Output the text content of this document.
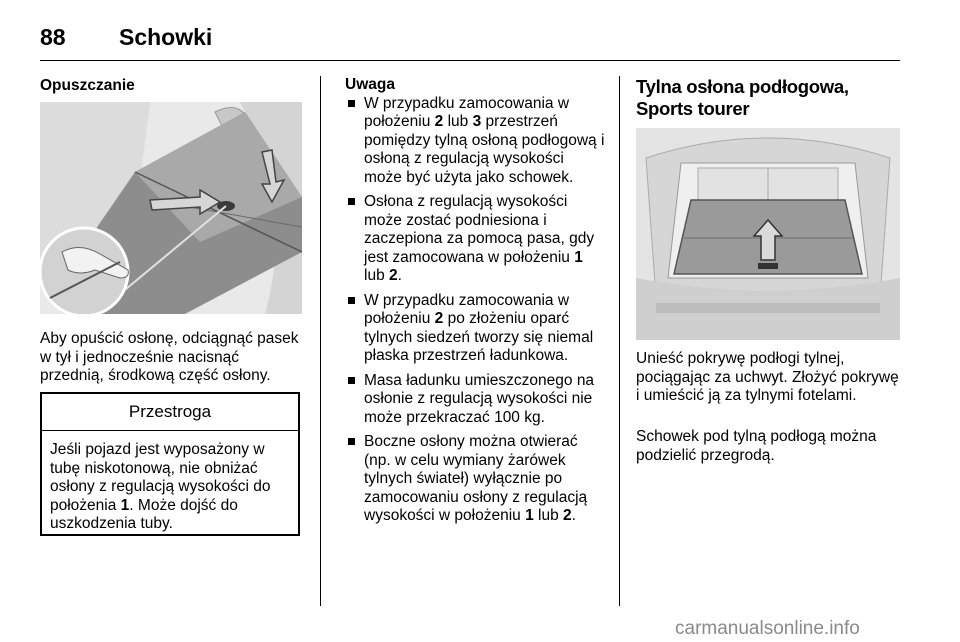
88 Schowki
Opuszczanie
Aby opuścić osłonę, odciągnąć pasek w tył i jednocześnie nacisnąć przednią, środkową część osłony.
Przestroga
Jeśli pojazd jest wyposażony w tubę niskotonową, nie obniżać osłony z regulacją wysokości do położenia 1. Może dojść do uszkodzenia tuby.
Uwaga
W przypadku zamocowania w położeniu 2 lub 3 przestrzeń pomiędzy tylną osłoną podłogową i osłoną z regulacją wysokości może być użyta jako schowek.
Osłona z regulacją wysokości może zostać podniesiona i zaczepiona za pomocą pasa, gdy jest zamocowana w położeniu 1 lub 2.
W przypadku zamocowania w położeniu 2 po złożeniu oparć tylnych siedzeń tworzy się niemal płaska przestrzeń ładunkowa.
Masa ładunku umieszczonego na osłonie z regulacją wysokości nie może przekraczać 100 kg.
Boczne osłony można otwierać (np. w celu wymiany żarówek tylnych świateł) wyłącznie po zamocowaniu osłony z regulacją wysokości w położeniu 1 lub 2.
Tylna osłona podłogowa, Sports tourer
Unieść pokrywę podłogi tylnej, pociągając za uchwyt. Złożyć pokrywę i umieścić ją za tylnymi fotelami.
Schowek pod tylną podłogą można podzielić przegrodą.
carmanualsonline.info
